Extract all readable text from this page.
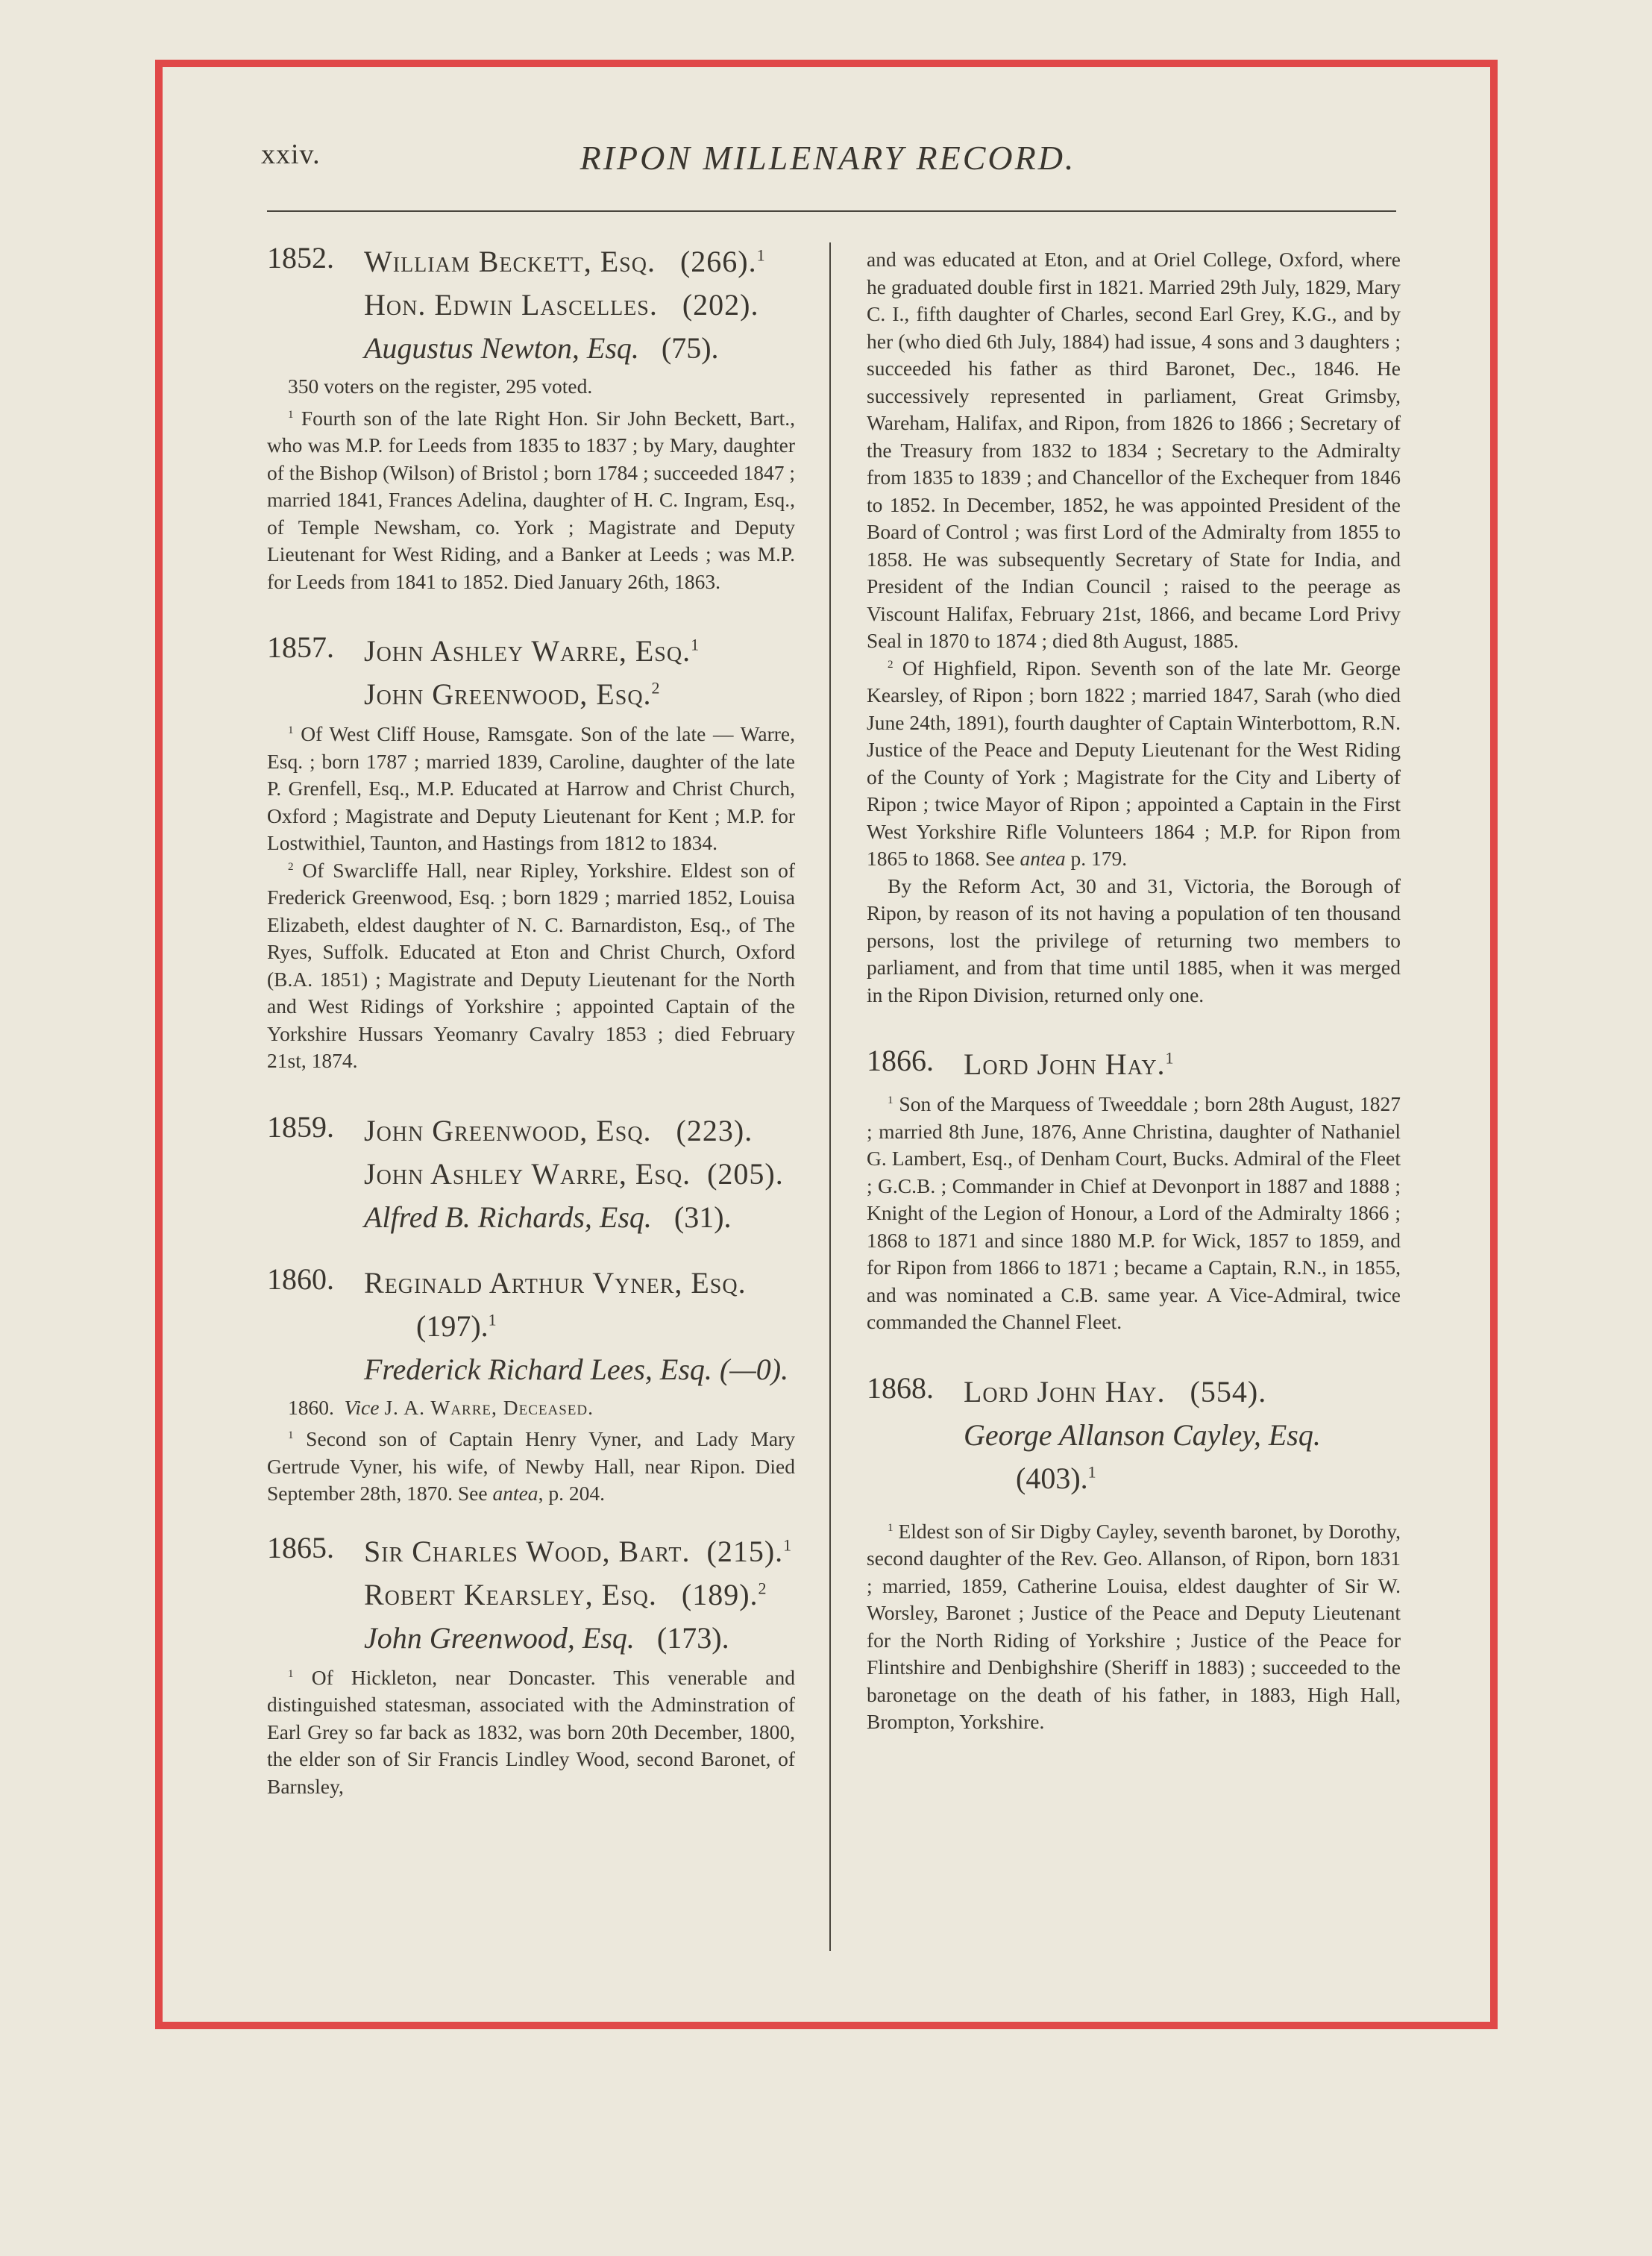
xxiv.	RIPON MILLENARY RECORD.
1852.	William Beckett, Esq. (266).$^1$
Hon. Edwin Lascelles. (202).
Augustus Newton, Esq. (75).
350 voters on the register, 295 voted.

$^1$ Fourth son of the late Right Hon. Sir John Beckett, Bart., who was M.P. for Leeds from 1835 to 1837 ; by Mary, daughter of the Bishop (Wilson) of Bristol ; born 1784 ; succeeded 1847 ; married 1841, Frances Adelina, daughter of H. C. Ingram, Esq., of Temple Newsham, co. York ; Magistrate and Deputy Lieutenant for West Riding, and a Banker at Leeds ; was M.P. for Leeds from 1841 to 1852. Died January 26th, 1863.

1857.	John Ashley Warre, Esq.$^1$
John Greenwood, Esq.$^2$

$^1$ Of West Cliff House, Ramsgate. Son of the late — Warre, Esq. ; born 1787 ; married 1839, Caroline, daughter of the late P. Grenfell, Esq., M.P. Educated at Harrow and Christ Church, Oxford ; Magistrate and Deputy Lieutenant for Kent ; M.P. for Lostwithiel, Taunton, and Hastings from 1812 to 1834.

$^2$ Of Swarcliffe Hall, near Ripley, Yorkshire. Eldest son of Frederick Greenwood, Esq. ; born 1829 ; married 1852, Louisa Elizabeth, eldest daughter of N. C. Barnardiston, Esq., of The Ryes, Suffolk. Educated at Eton and Christ Church, Oxford (B.A. 1851) ; Magistrate and Deputy Lieutenant for the North and West Ridings of Yorkshire ; appointed Captain of the Yorkshire Hussars Yeomanry Cavalry 1853 ; died February 21st, 1874.

1859.	John Greenwood, Esq. (223).
John Ashley Warre, Esq. (205).
Alfred B. Richards, Esq. (31).
1860.	Reginald Arthur Vyner, Esq.
(197).$^1$
Frederick Richard Lees, Esq. (—0).
1860. Vice J. A. Warre, Deceased.

$^1$ Second son of Captain Henry Vyner, and Lady Mary Gertrude Vyner, his wife, of Newby Hall, near Ripon. Died September 28th, 1870. See antea, p. 204.

1865.	Sir Charles Wood, Bart. (215).$^1$
Robert Kearsley, Esq. (189).$^2$
John Greenwood, Esq. (173).

$^1$ Of Hickleton, near Doncaster. This venerable and distinguished statesman, associated with the Adminstration of Earl Grey so far back as 1832, was born 20th December, 1800, the elder son of Sir Francis Lindley Wood, second Baronet, of Barnsley,

and was educated at Eton, and at Oriel College, Oxford, where he graduated double first in 1821. Married 29th July, 1829, Mary C. I., fifth daughter of Charles, second Earl Grey, K.G., and by her (who died 6th July, 1884) had issue, 4 sons and 3 daughters ; succeeded his father as third Baronet, Dec., 1846. He successively represented in parliament, Great Grimsby, Wareham, Halifax, and Ripon, from 1826 to 1866 ; Secretary of the Treasury from 1832 to 1834 ; Secretary to the Admiralty from 1835 to 1839 ; and Chancellor of the Exchequer from 1846 to 1852. In December, 1852, he was appointed President of the Board of Control ; was first Lord of the Admiralty from 1855 to 1858. He was subsequently Secretary of State for India, and President of the Indian Council ; raised to the peerage as Viscount Halifax, February 21st, 1866, and became Lord Privy Seal in 1870 to 1874 ; died 8th August, 1885.

$^2$ Of Highfield, Ripon. Seventh son of the late Mr. George Kearsley, of Ripon ; born 1822 ; married 1847, Sarah (who died June 24th, 1891), fourth daughter of Captain Winterbottom, R.N. Justice of the Peace and Deputy Lieutenant for the West Riding of the County of York ; Magistrate for the City and Liberty of Ripon ; twice Mayor of Ripon ; appointed a Captain in the First West Yorkshire Rifle Volunteers 1864 ; M.P. for Ripon from 1865 to 1868. See antea p. 179.

By the Reform Act, 30 and 31, Victoria, the Borough of Ripon, by reason of its not having a population of ten thousand persons, lost the privilege of returning two members to parliament, and from that time until 1885, when it was merged in the Ripon Division, returned only one.

1866.	Lord John Hay.$^1$

$^1$ Son of the Marquess of Tweeddale ; born 28th August, 1827 ; married 8th June, 1876, Anne Christina, daughter of Nathaniel G. Lambert, Esq., of Denham Court, Bucks. Admiral of the Fleet ; G.C.B. ; Commander in Chief at Devonport in 1887 and 1888 ; Knight of the Legion of Honour, a Lord of the Admiralty 1866 ; 1868 to 1871 and since 1880 M.P. for Wick, 1857 to 1859, and for Ripon from 1866 to 1871 ; became a Captain, R.N., in 1855, and was nominated a C.B. same year. A Vice-Admiral, twice commanded the Channel Fleet.

1868.	Lord John Hay. (554).
George Allanson Cayley, Esq.
(403).$^1$

$^1$ Eldest son of Sir Digby Cayley, seventh baronet, by Dorothy, second daughter of the Rev. Geo. Allanson, of Ripon, born 1831 ; married, 1859, Catherine Louisa, eldest daughter of Sir W. Worsley, Baronet ; Justice of the Peace and Deputy Lieutenant for the North Riding of Yorkshire ; Justice of the Peace for Flintshire and Denbighshire (Sheriff in 1883) ; succeeded to the baronetage on the death of his father, in 1883, High Hall, Brompton, Yorkshire.
